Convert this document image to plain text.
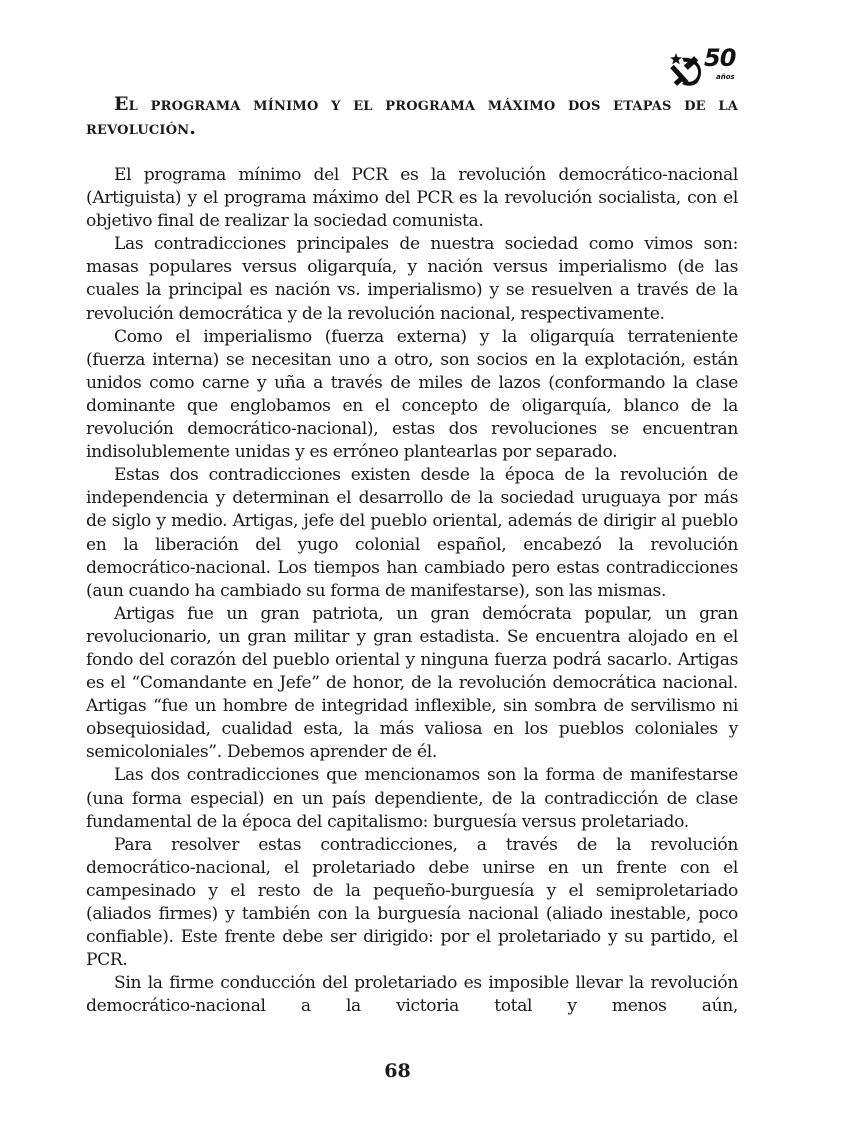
50
años
El programa mínimo y el programa máximo dos etapas de la revolución.

El programa mínimo del PCR es la revolución democrático-nacional (Artiguista) y el programa máximo del PCR es la revolución socialista, con el objetivo final de realizar la sociedad comunista.

Las contradicciones principales de nuestra sociedad como vimos son: masas populares versus oligarquía, y nación versus imperialismo (de las cuales la principal es nación vs. imperialismo) y se resuelven a través de la revolución democrática y de la revolución nacional, respectivamente.

Como el imperialismo (fuerza externa) y la oligarquía terrateniente (fuerza interna) se necesitan uno a otro, son socios en la explotación, están unidos como carne y uña a través de miles de lazos (conformando la clase dominante que englobamos en el concepto de oligarquía, blanco de la revolución democrático-nacional), estas dos revoluciones se encuentran indisolublemente unidas y es erróneo plantearlas por separado.

Estas dos contradicciones existen desde la época de la revolución de independencia y determinan el desarrollo de la sociedad uruguaya por más de siglo y medio. Artigas, jefe del pueblo oriental, además de dirigir al pueblo en la liberación del yugo colonial español, encabezó la revolución democrático-nacional. Los tiempos han cambiado pero estas contradicciones (aun cuando ha cambiado su forma de manifestarse), son las mismas.

Artigas fue un gran patriota, un gran demócrata popular, un gran revolucionario, un gran militar y gran estadista. Se encuentra alojado en el fondo del corazón del pueblo oriental y ninguna fuerza podrá sacarlo. Artigas es el “Comandante en Jefe” de honor, de la revolución democrática nacional. Artigas “fue un hombre de integridad inflexible, sin sombra de servilismo ni obsequiosidad, cualidad esta, la más valiosa en los pueblos coloniales y semicoloniales”. Debemos aprender de él.

Las dos contradicciones que mencionamos son la forma de manifestarse (una forma especial) en un país dependiente, de la contradicción de clase fundamental de la época del capitalismo: burguesía versus proletariado.

Para resolver estas contradicciones, a través de la revolución democrático-nacional, el proletariado debe unirse en un frente con el campesinado y el resto de la pequeño-burguesía y el semiproletariado (aliados firmes) y también con la burguesía nacional (aliado inestable, poco confiable). Este frente debe ser dirigido: por el proletariado y su partido, el PCR.

Sin la firme conducción del proletariado es imposible llevar la revolución democrático-nacional a la victoria total y menos aún,

68
